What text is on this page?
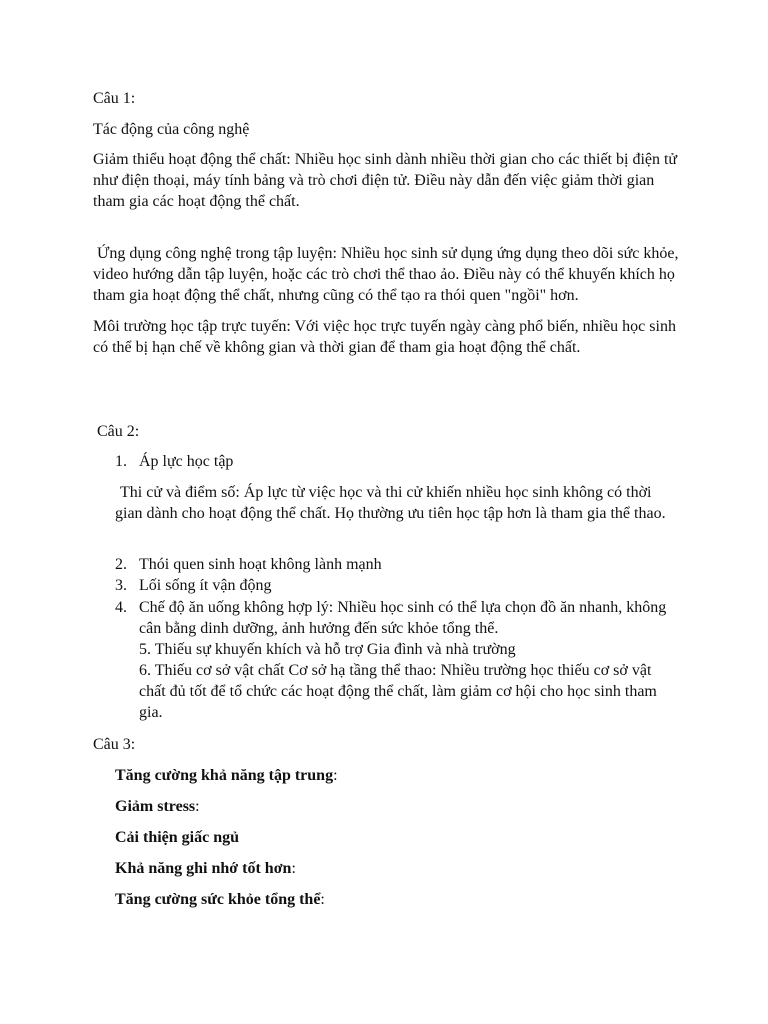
Câu 1:

Tác động của công nghệ

Giảm thiểu hoạt động thể chất: Nhiều học sinh dành nhiều thời gian cho các thiết bị điện tử như điện thoại, máy tính bảng và trò chơi điện tử. Điều này dẫn đến việc giảm thời gian tham gia các hoạt động thể chất.

Ứng dụng công nghệ trong tập luyện: Nhiều học sinh sử dụng ứng dụng theo dõi sức khỏe, video hướng dẫn tập luyện, hoặc các trò chơi thể thao ảo. Điều này có thể khuyến khích họ tham gia hoạt động thể chất, nhưng cũng có thể tạo ra thói quen "ngồi" hơn.

Môi trường học tập trực tuyến: Với việc học trực tuyến ngày càng phổ biến, nhiều học sinh có thể bị hạn chế về không gian và thời gian để tham gia hoạt động thể chất.

Câu 2:

1. Áp lực học tập

Thi cử và điểm số: Áp lực từ việc học và thi cử khiến nhiều học sinh không có thời gian dành cho hoạt động thể chất. Họ thường ưu tiên học tập hơn là tham gia thể thao.

2. Thói quen sinh hoạt không lành mạnh

3. Lối sống ít vận động

4. Chế độ ăn uống không hợp lý: Nhiều học sinh có thể lựa chọn đồ ăn nhanh, không cân bằng dinh dưỡng, ảnh hưởng đến sức khỏe tổng thể.

5. Thiếu sự khuyến khích và hỗ trợ Gia đình và nhà trường

6. Thiếu cơ sở vật chất Cơ sở hạ tầng thể thao: Nhiều trường học thiếu cơ sở vật chất đủ tốt để tổ chức các hoạt động thể chất, làm giảm cơ hội cho học sinh tham gia.

Câu 3:

Tăng cường khả năng tập trung:

Giảm stress:

Cải thiện giấc ngủ

Khả năng ghi nhớ tốt hơn:

Tăng cường sức khỏe tổng thể:
